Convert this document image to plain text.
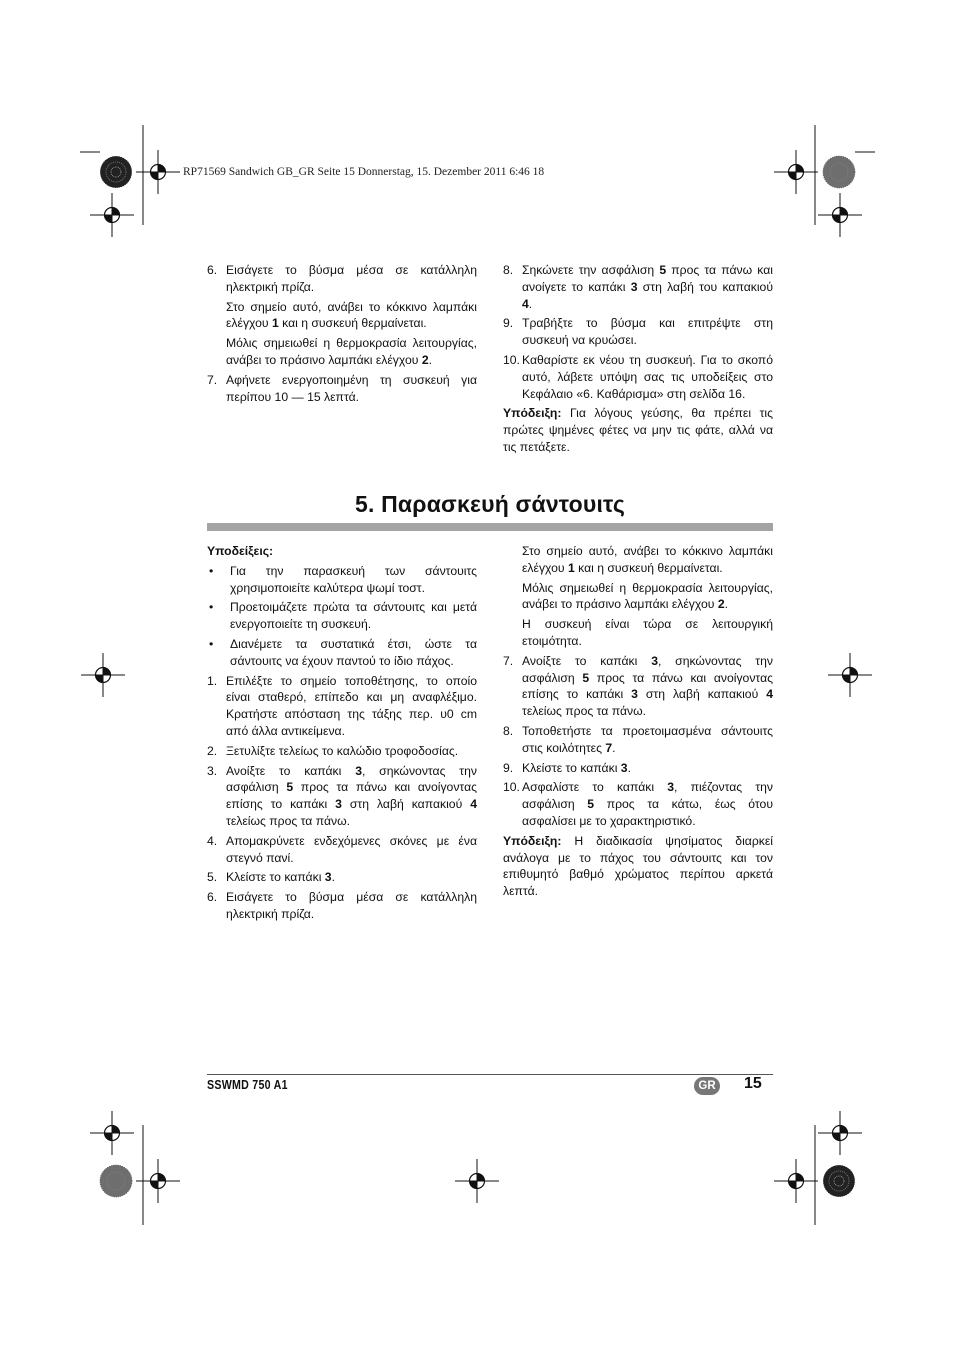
RP71569 Sandwich GB_GR Seite 15 Donnerstag, 15. Dezember 2011 6:46 18
6. Εισάγετε το βύσμα μέσα σε κατάλληλη ηλεκτρική πρίζα.
Στο σημείο αυτό, ανάβει το κόκκινο λαμπάκι ελέγχου 1 και η συσκευή θερμαίνεται.
Μόλις σημειωθεί η θερμοκρασία λειτουργίας, ανάβει το πράσινο λαμπάκι ελέγχου 2.
7. Αφήνετε ενεργοποιημένη τη συσκευή για περίπου 10 — 15 λεπτά.
8. Σηκώνετε την ασφάλιση 5 προς τα πάνω και ανοίγετε το καπάκι 3 στη λαβή του καπακιού 4.
9. Τραβήξτε το βύσμα και επιτρέψτε στη συσκευή να κρυώσει.
10. Καθαρίστε εκ νέου τη συσκευή. Για το σκοπό αυτό, λάβετε υπόψη σας τις υποδείξεις στο Κεφάλαιο «6. Καθάρισμα» στη σελίδα 16.

Υπόδειξη: Για λόγους γεύσης, θα πρέπει τις πρώτες ψημένες φέτες να μην τις φάτε, αλλά να τις πετάξετε.

5. Παρασκευή σάντουιτς

Υποδείξεις:

• Για την παρασκευή των σάντουιτς χρησιμοποιείτε καλύτερα ψωμί τοστ.
• Προετοιμάζετε πρώτα τα σάντουιτς και μετά ενεργοποιείτε τη συσκευή.
• Διανέμετε τα συστατικά έτσι, ώστε τα σάντουιτς να έχουν παντού το ίδιο πάχος.
1. Επιλέξτε το σημείο τοποθέτησης, το οποίο είναι σταθερό, επίπεδο και μη αναφλέξιμο. Κρατήστε απόσταση της τάξης περ. υ0 cm από άλλα αντικείμενα.
2. Ξετυλίξτε τελείως το καλώδιο τροφοδοσίας.
3. Ανοίξτε το καπάκι 3, σηκώνοντας την ασφάλιση 5 προς τα πάνω και ανοίγοντας επίσης το καπάκι 3 στη λαβή καπακιού 4 τελείως προς τα πάνω.
4. Απομακρύνετε ενδεχόμενες σκόνες με ένα στεγνό πανί.
5. Κλείστε το καπάκι 3.
6. Εισάγετε το βύσμα μέσα σε κατάλληλη ηλεκτρική πρίζα.
Στο σημείο αυτό, ανάβει το κόκκινο λαμπάκι ελέγχου 1 και η συσκευή θερμαίνεται.
Μόλις σημειωθεί η θερμοκρασία λειτουργίας, ανάβει το πράσινο λαμπάκι ελέγχου 2.
Η συσκευή είναι τώρα σε λειτουργική ετοιμότητα.
7. Ανοίξτε το καπάκι 3, σηκώνοντας την ασφάλιση 5 προς τα πάνω και ανοίγοντας επίσης το καπάκι 3 στη λαβή καπακιού 4 τελείως προς τα πάνω.
8. Τοποθετήστε τα προετοιμασμένα σάντουιτς στις κοιλότητες 7.
9. Κλείστε το καπάκι 3.
10. Ασφαλίστε το καπάκι 3, πιέζοντας την ασφάλιση 5 προς τα κάτω, έως ότου ασφαλίσει με το χαρακτηριστικό.

Υπόδειξη: Η διαδικασία ψησίματος διαρκεί ανάλογα με το πάχος του σάντουιτς και τον επιθυμητό βαθμό χρώματος περίπου αρκετά λεπτά.

SSWMD 750 A1	GR 15
